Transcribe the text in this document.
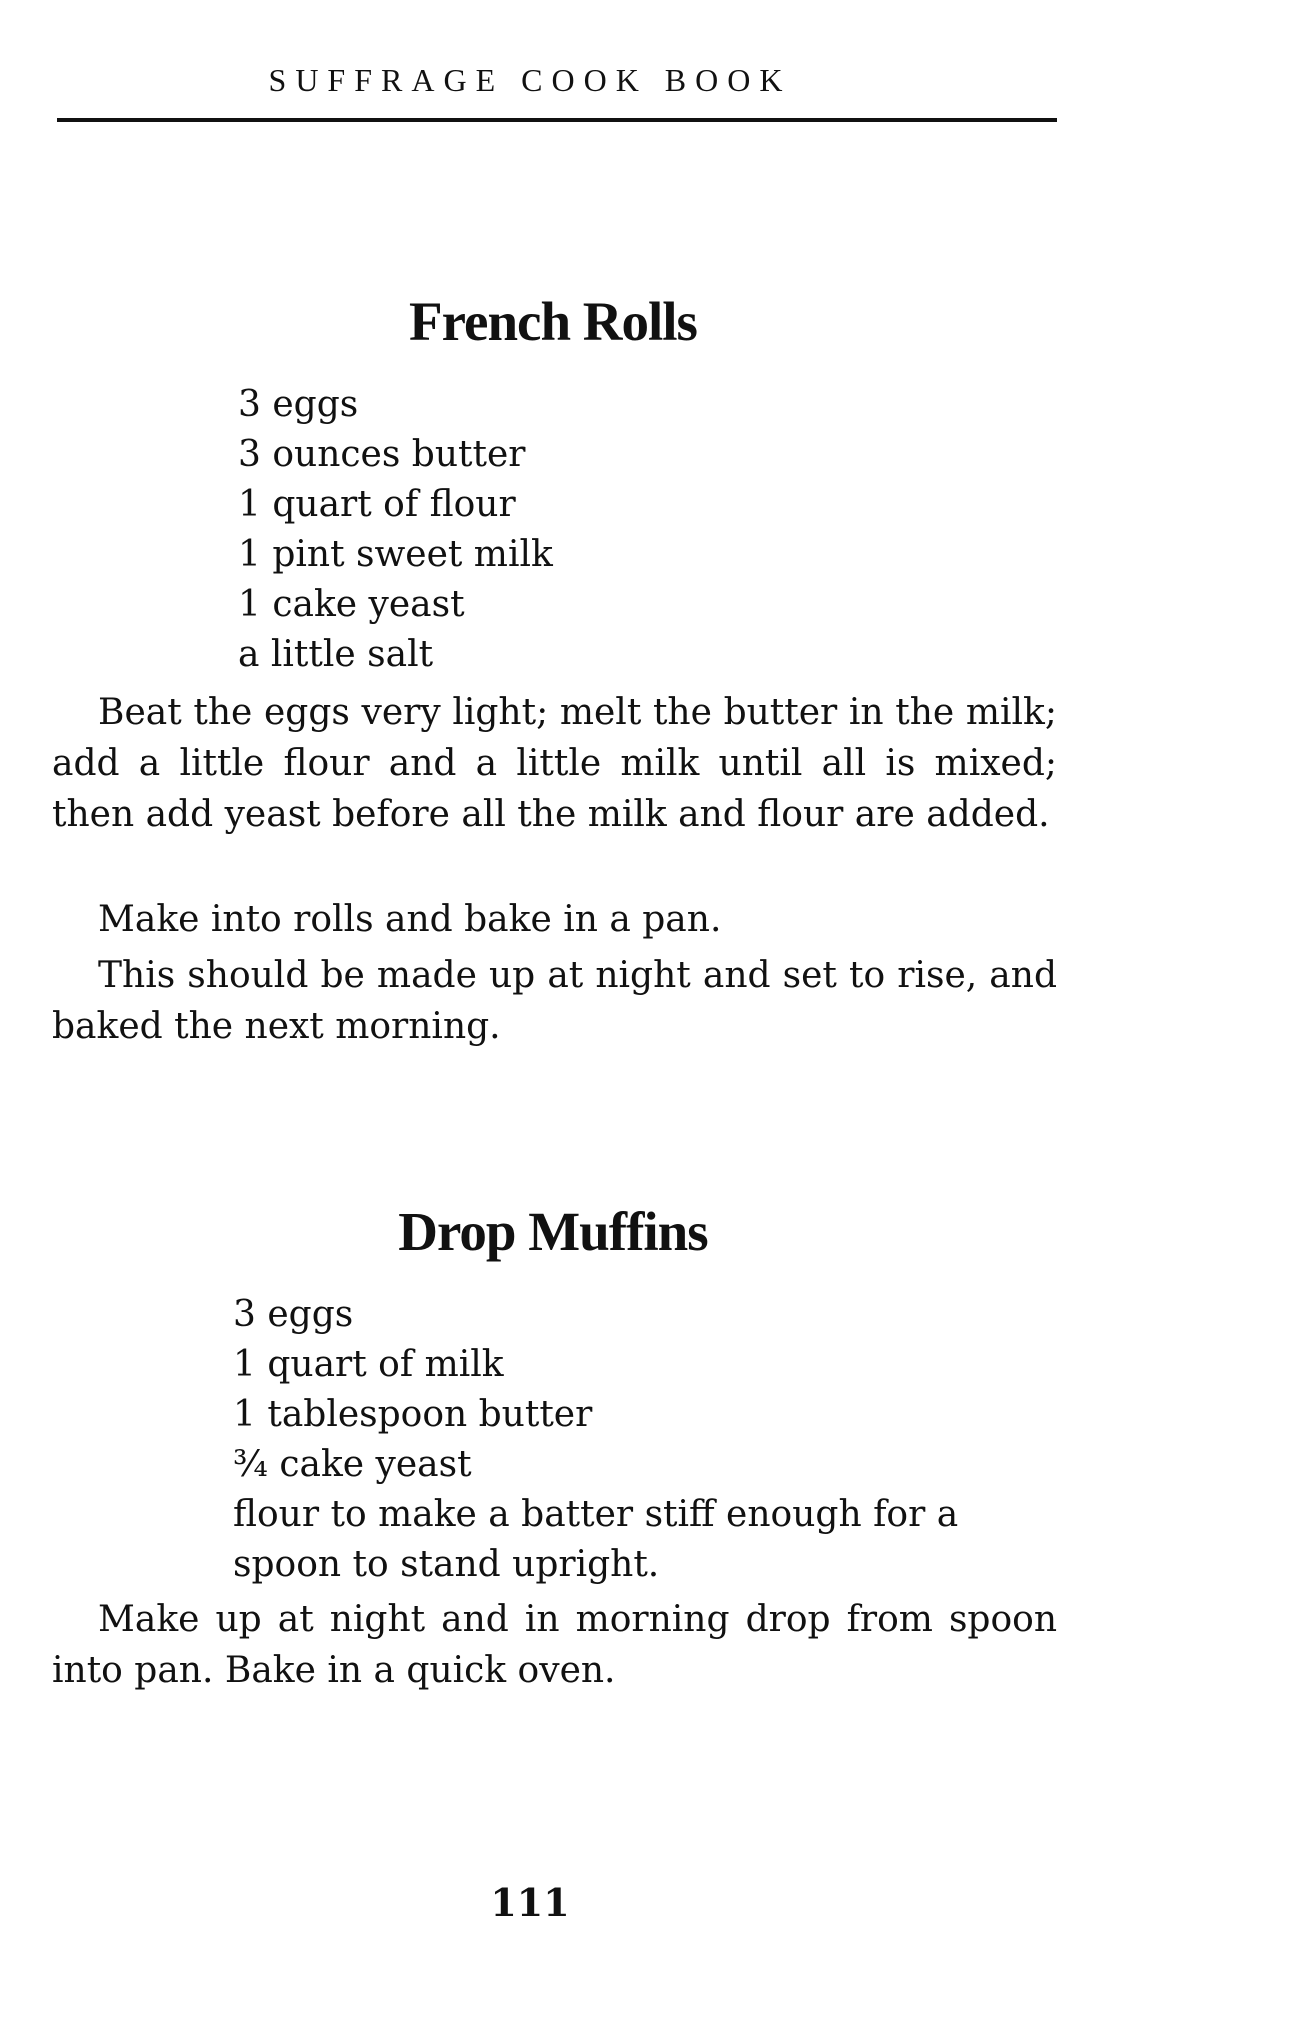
SUFFRAGE COOK BOOK
French Rolls
3 eggs
3 ounces butter
1 quart of flour
1 pint sweet milk
1 cake yeast
a little salt

Beat the eggs very light; melt the butter in the milk; add a little flour and a little milk until all is mixed; then add yeast before all the milk and flour are added.

Make into rolls and bake in a pan.

This should be made up at night and set to rise, and baked the next morning.

Drop Muffins
3 eggs
1 quart of milk
1 tablespoon butter
¾ cake yeast
flour to make a batter stiff enough for a spoon to stand upright.

Make up at night and in morning drop from spoon into pan. Bake in a quick oven.

111
